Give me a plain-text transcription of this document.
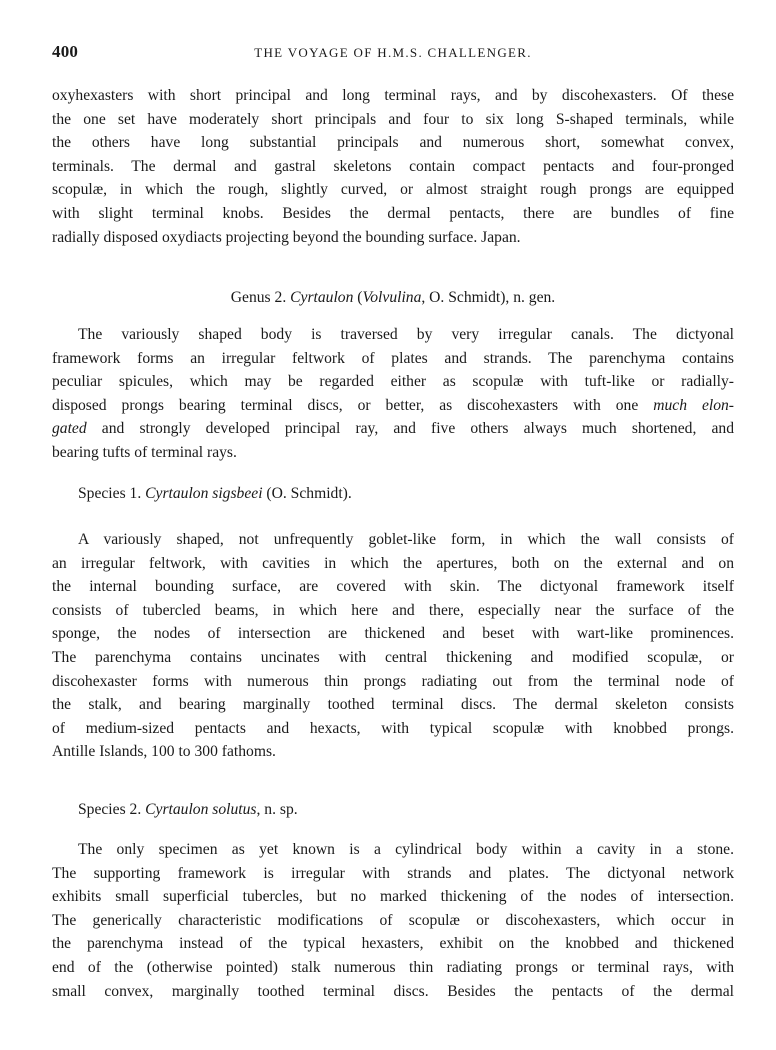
400	THE VOYAGE OF H.M.S. CHALLENGER.
oxyhexasters with short principal and long terminal rays, and by discohexasters. Of these
the one set have moderately short principals and four to six long S-shaped terminals, while
the others have long substantial principals and numerous short, somewhat convex,
terminals. The dermal and gastral skeletons contain compact pentacts and four-pronged
scopulæ, in which the rough, slightly curved, or almost straight rough prongs are equipped
with slight terminal knobs. Besides the dermal pentacts, there are bundles of fine
radially disposed oxydiacts projecting beyond the bounding surface. Japan.
Genus 2. Cyrtaulon (Volvulina, O. Schmidt), n. gen.
The variously shaped body is traversed by very irregular canals. The dictyonal
framework forms an irregular feltwork of plates and strands. The parenchyma contains
peculiar spicules, which may be regarded either as scopulæ with tuft-like or radially-
disposed prongs bearing terminal discs, or better, as discohexasters with one much elon-
gated and strongly developed principal ray, and five others always much shortened, and
bearing tufts of terminal rays.
Species 1. Cyrtaulon sigsbeei (O. Schmidt).
A variously shaped, not unfrequently goblet-like form, in which the wall consists of
an irregular feltwork, with cavities in which the apertures, both on the external and on
the internal bounding surface, are covered with skin. The dictyonal framework itself
consists of tubercled beams, in which here and there, especially near the surface of the
sponge, the nodes of intersection are thickened and beset with wart-like prominences.
The parenchyma contains uncinates with central thickening and modified scopulæ, or
discohexaster forms with numerous thin prongs radiating out from the terminal node of
the stalk, and bearing marginally toothed terminal discs. The dermal skeleton consists
of medium-sized pentacts and hexacts, with typical scopulæ with knobbed prongs.
Antille Islands, 100 to 300 fathoms.
Species 2. Cyrtaulon solutus, n. sp.
The only specimen as yet known is a cylindrical body within a cavity in a stone.
The supporting framework is irregular with strands and plates. The dictyonal network
exhibits small superficial tubercles, but no marked thickening of the nodes of intersection.
The generically characteristic modifications of scopulæ or discohexasters, which occur in
the parenchyma instead of the typical hexasters, exhibit on the knobbed and thickened
end of the (otherwise pointed) stalk numerous thin radiating prongs or terminal rays, with
small convex, marginally toothed terminal discs. Besides the pentacts of the dermal
